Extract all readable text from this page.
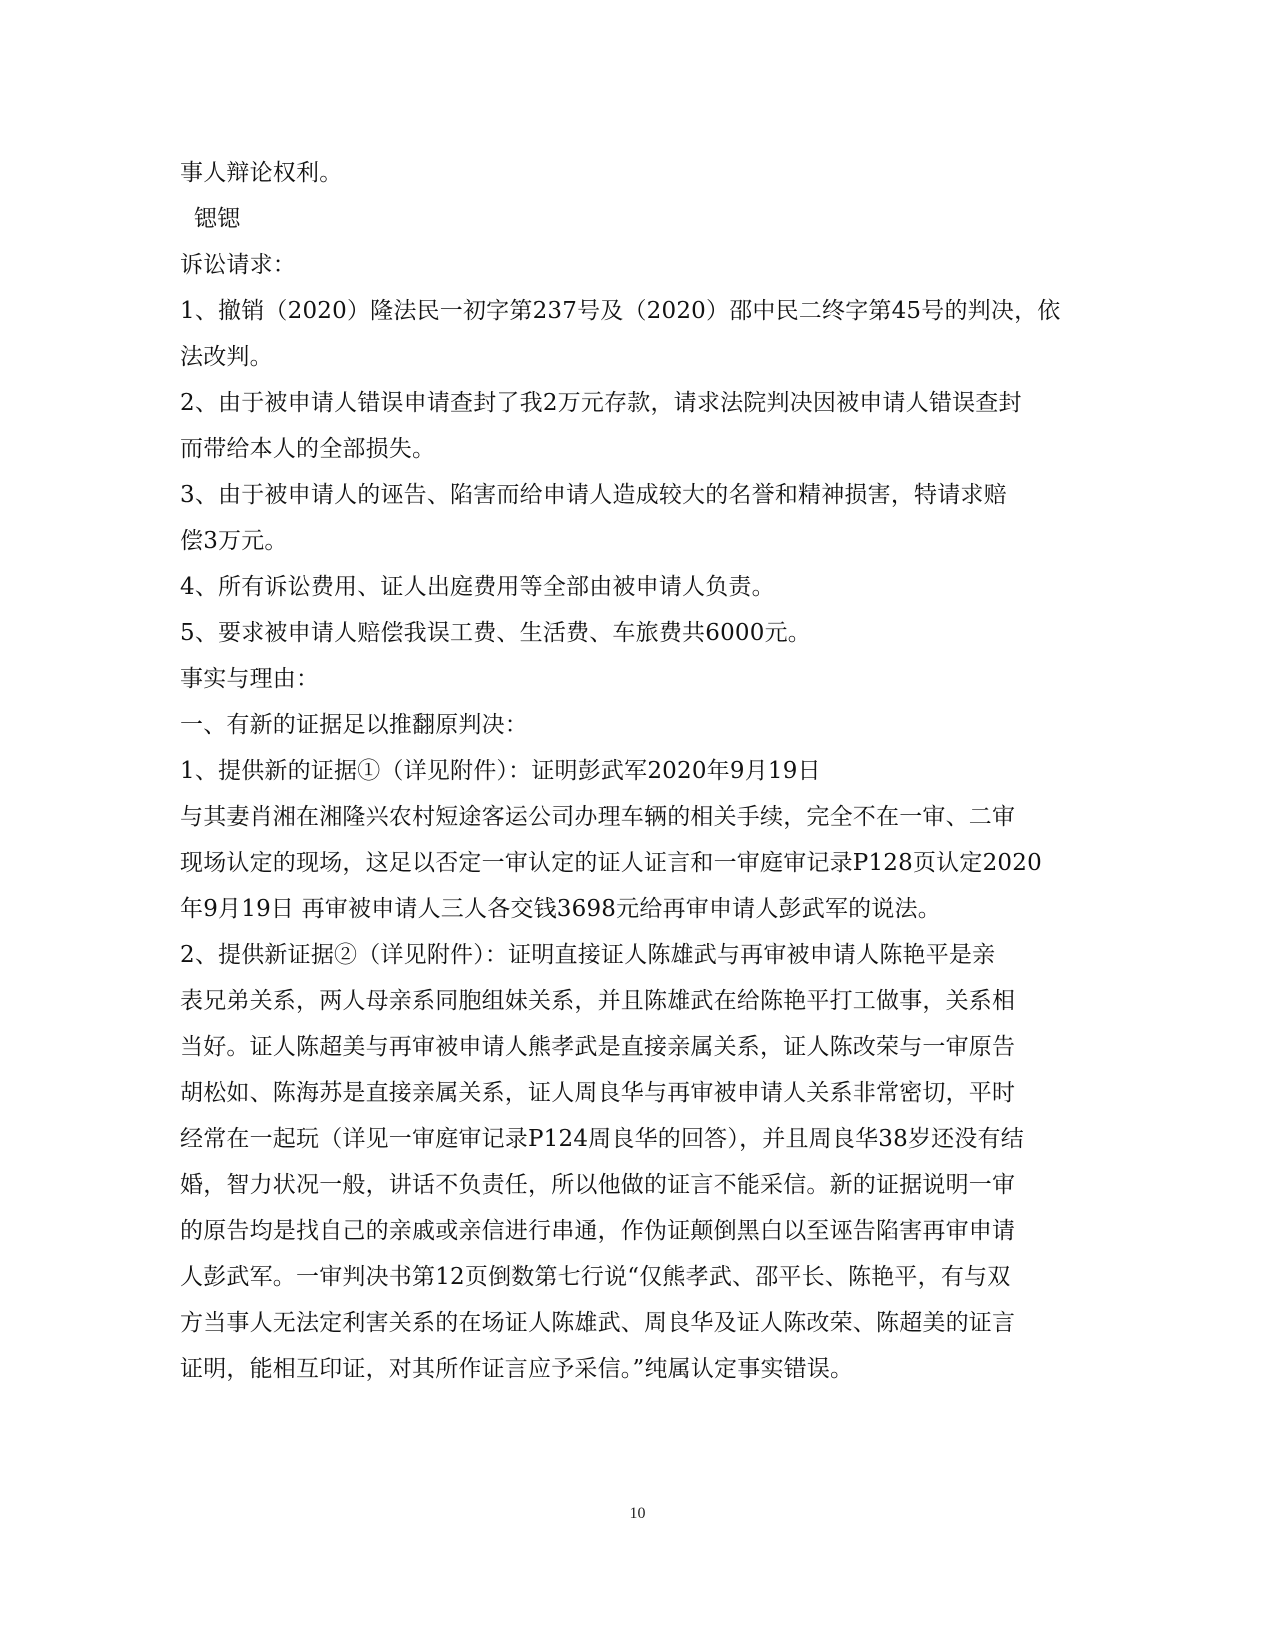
事人辩论权利。
锶锶
诉讼请求：
1、撤销（2020）隆法民一初字第237号及（2020）邵中民二终字第45号的判决，依
法改判。
2、由于被申请人错误申请查封了我2万元存款，请求法院判决因被申请人错误查封
而带给本人的全部损失。
3、由于被申请人的诬告、陷害而给申请人造成较大的名誉和精神损害，特请求赔
偿3万元。
4、所有诉讼费用、证人出庭费用等全部由被申请人负责。
5、要求被申请人赔偿我误工费、生活费、车旅费共6000元。
事实与理由：
一、有新的证据足以推翻原判决：
1、提供新的证据①（详见附件）：证明彭武军2020年9月19日
与其妻肖湘在湘隆兴农村短途客运公司办理车辆的相关手续，完全不在一审、二审
现场认定的现场，这足以否定一审认定的证人证言和一审庭审记录P128页认定2020
年9月19日 再审被申请人三人各交钱3698元给再审申请人彭武军的说法。
2、提供新证据②（详见附件）：证明直接证人陈雄武与再审被申请人陈艳平是亲
表兄弟关系，两人母亲系同胞组妹关系，并且陈雄武在给陈艳平打工做事，关系相
当好。证人陈超美与再审被申请人熊孝武是直接亲属关系，证人陈改荣与一审原告
胡松如、陈海苏是直接亲属关系，证人周良华与再审被申请人关系非常密切，平时
经常在一起玩（详见一审庭审记录P124周良华的回答），并且周良华38岁还没有结
婚，智力状况一般，讲话不负责任，所以他做的证言不能采信。新的证据说明一审
的原告均是找自己的亲戚或亲信进行串通，作伪证颠倒黑白以至诬告陷害再审申请
人彭武军。一审判决书第12页倒数第七行说“仅熊孝武、邵平长、陈艳平，有与双
方当事人无法定利害关系的在场证人陈雄武、周良华及证人陈改荣、陈超美的证言
证明，能相互印证，对其所作证言应予采信。”纯属认定事实错误。
10
